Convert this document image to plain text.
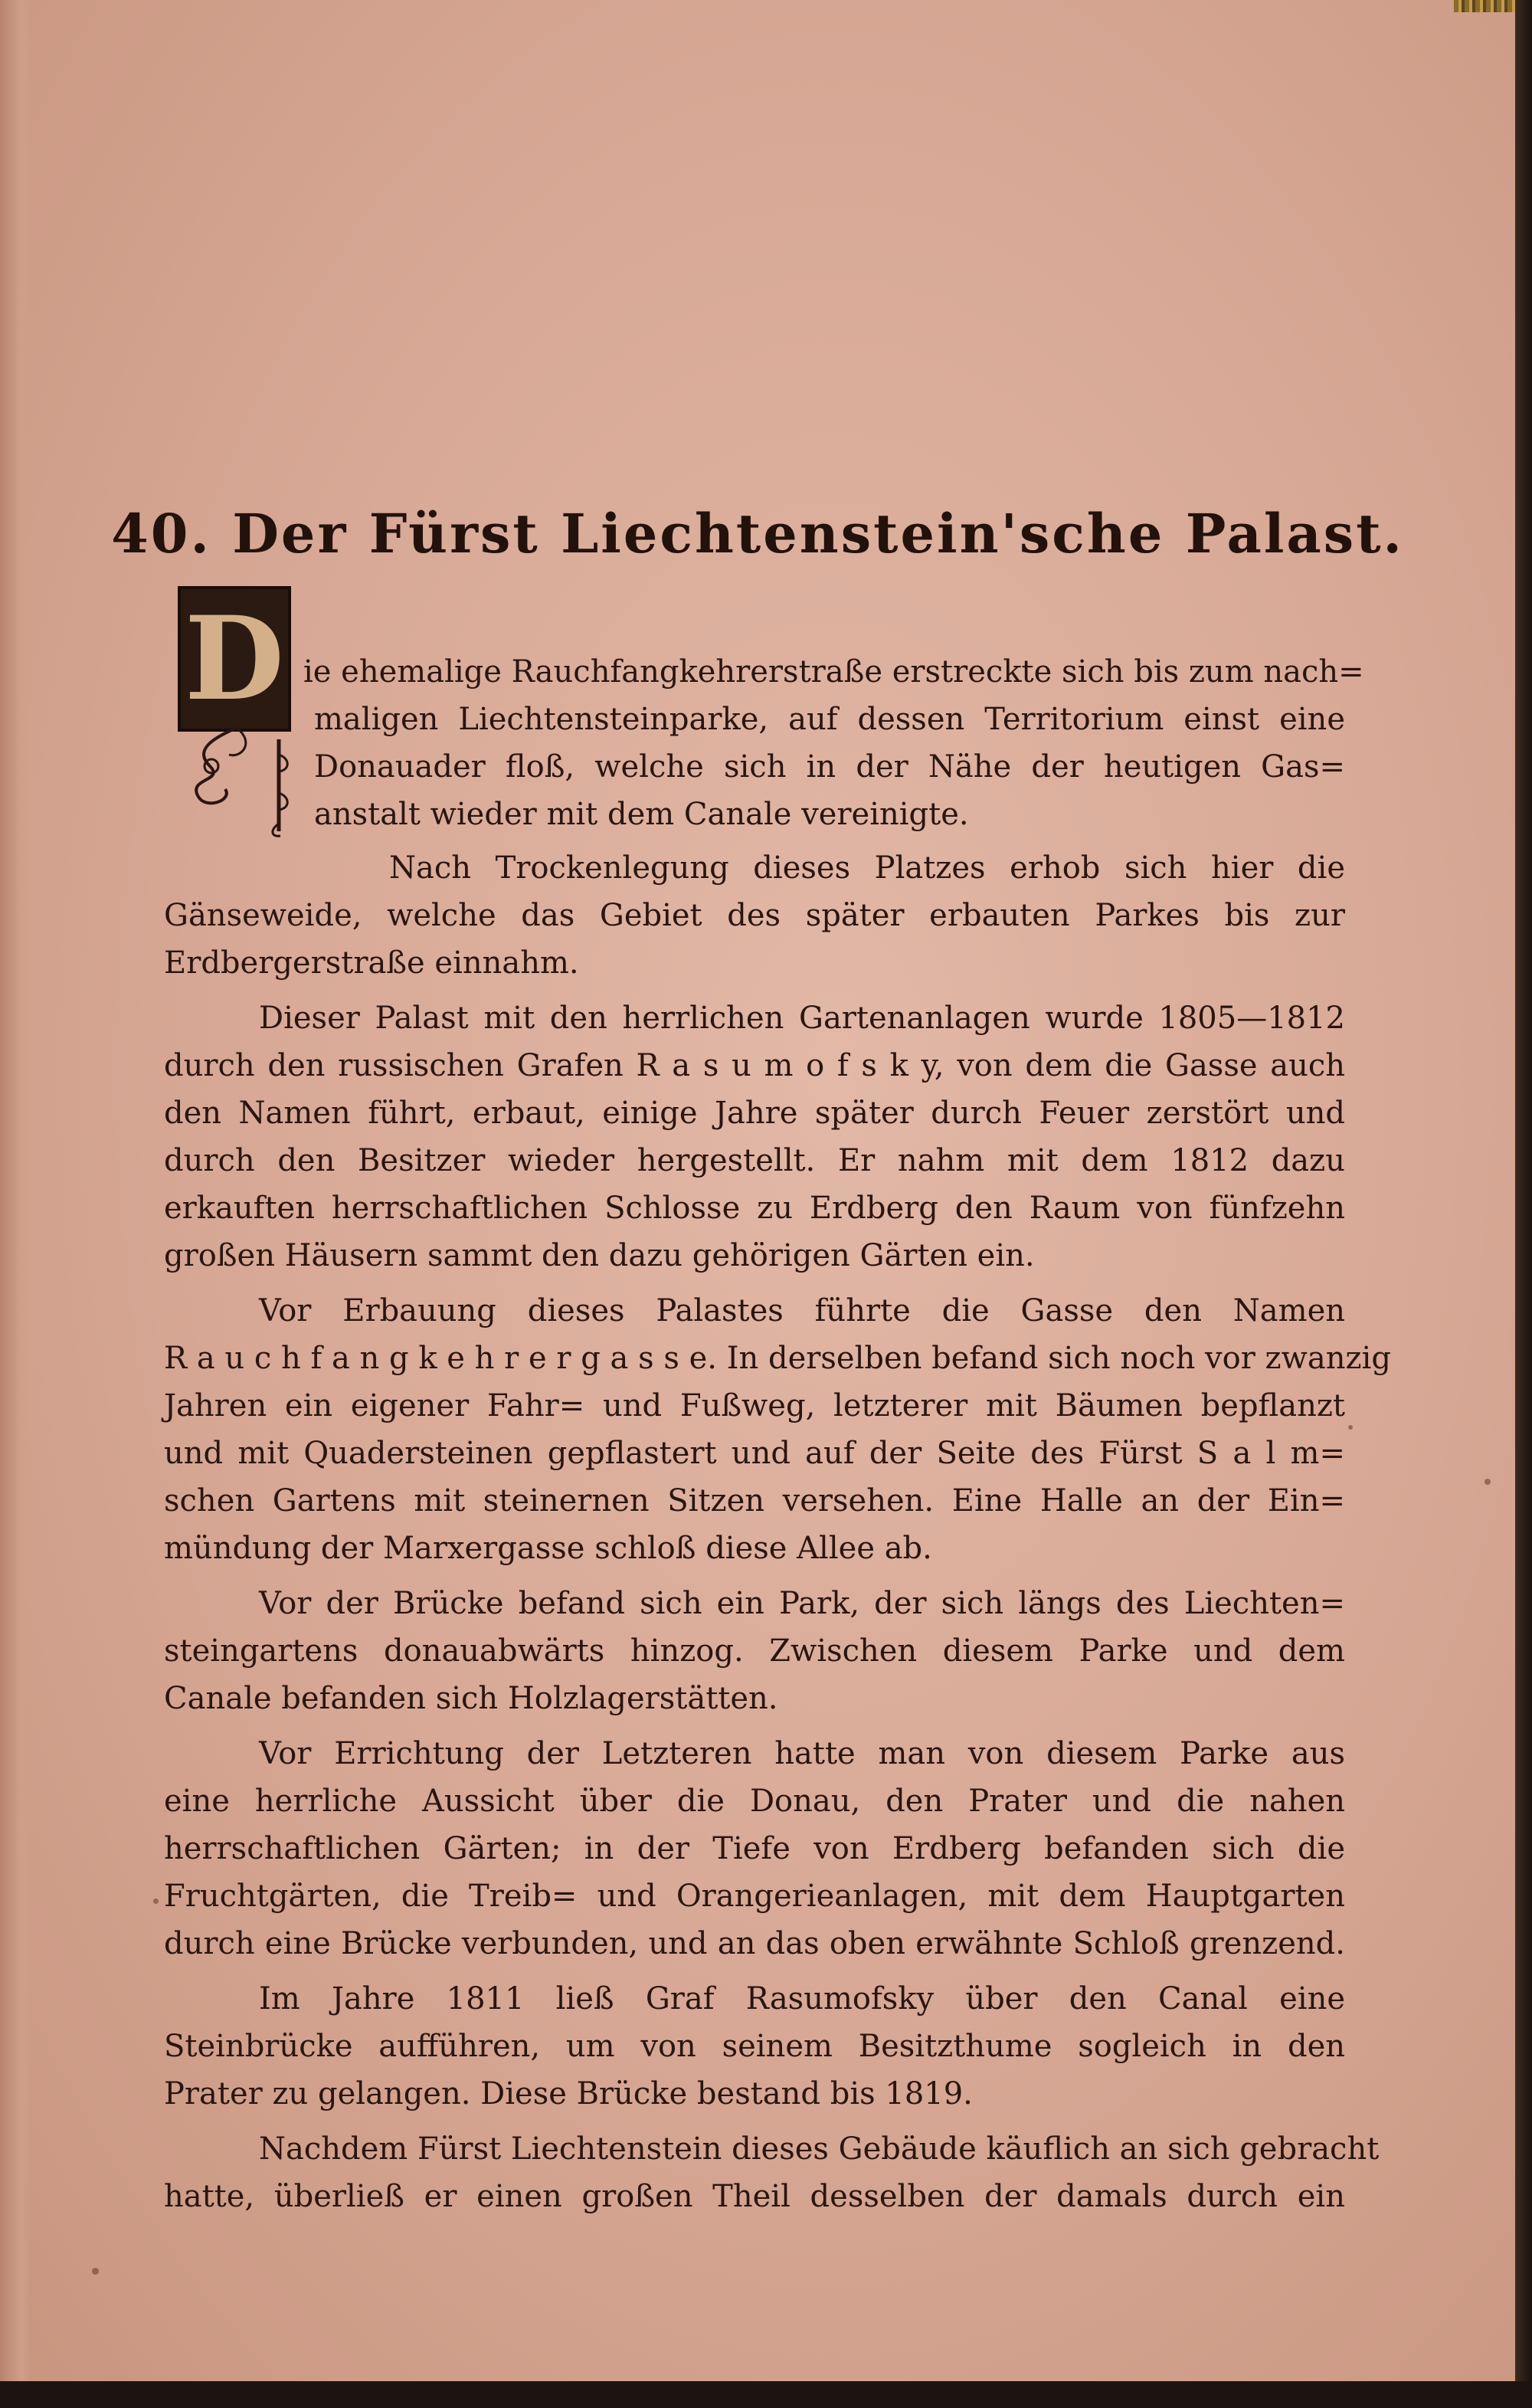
40. Der Fürst Liechtenstein'sche Palast.
D ie ehemalige Rauchfangkehrerstraße erstreckte sich bis zum nach=
maligen Liechtensteinparke, auf dessen Territorium einst eine
Donauader floß, welche sich in der Nähe der heutigen Gas=
anstalt wieder mit dem Canale vereinigte.
Nach Trockenlegung dieses Platzes erhob sich hier die
Gänseweide, welche das Gebiet des später erbauten Parkes bis zur
Erdbergerstraße einnahm.
Dieser Palast mit den herrlichen Gartenanlagen wurde 1805—1812
durch den russischen Grafen R a s u m o f s k y, von dem die Gasse auch
den Namen führt, erbaut, einige Jahre später durch Feuer zerstört und
durch den Besitzer wieder hergestellt. Er nahm mit dem 1812 dazu
erkauften herrschaftlichen Schlosse zu Erdberg den Raum von fünfzehn
großen Häusern sammt den dazu gehörigen Gärten ein.
Vor Erbauung dieses Palastes führte die Gasse den Namen
R a u c h f a n g k e h r e r g a s s e. In derselben befand sich noch vor zwanzig
Jahren ein eigener Fahr= und Fußweg, letzterer mit Bäumen bepflanzt
und mit Quadersteinen gepflastert und auf der Seite des Fürst S a l m=
schen Gartens mit steinernen Sitzen versehen. Eine Halle an der Ein=
mündung der Marxergasse schloß diese Allee ab.
Vor der Brücke befand sich ein Park, der sich längs des Liechten=
steingartens donauabwärts hinzog. Zwischen diesem Parke und dem
Canale befanden sich Holzlagerstätten.
Vor Errichtung der Letzteren hatte man von diesem Parke aus
eine herrliche Aussicht über die Donau, den Prater und die nahen
herrschaftlichen Gärten; in der Tiefe von Erdberg befanden sich die
Fruchtgärten, die Treib= und Orangerieanlagen, mit dem Hauptgarten
durch eine Brücke verbunden, und an das oben erwähnte Schloß grenzend.
Im Jahre 1811 ließ Graf Rasumofsky über den Canal eine
Steinbrücke aufführen, um von seinem Besitzthume sogleich in den
Prater zu gelangen. Diese Brücke bestand bis 1819.
Nachdem Fürst Liechtenstein dieses Gebäude käuflich an sich gebracht
hatte, überließ er einen großen Theil desselben der damals durch ein
